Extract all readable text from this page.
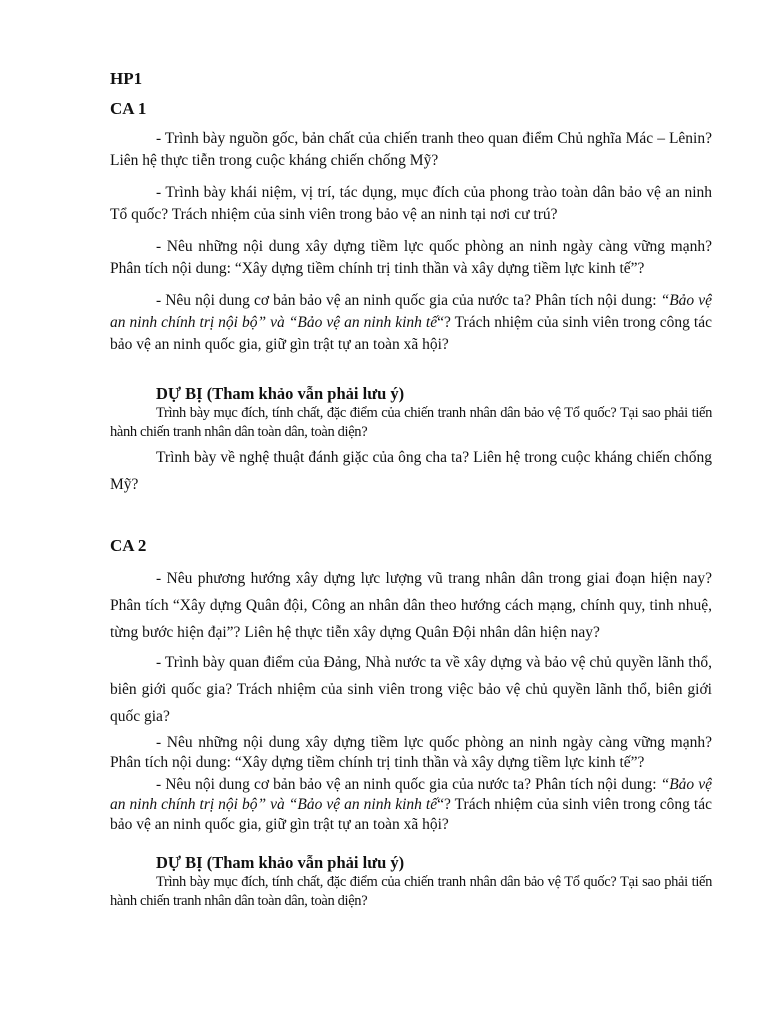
HP1
CA 1

- Trình bày nguồn gốc, bản chất của chiến tranh theo quan điểm Chủ nghĩa Mác – Lênin? Liên hệ thực tiễn trong cuộc kháng chiến chống Mỹ?

- Trình bày khái niệm, vị trí, tác dụng, mục đích của phong trào toàn dân bảo vệ an ninh Tổ quốc? Trách nhiệm của sinh viên trong bảo vệ an ninh tại nơi cư trú?

- Nêu những nội dung xây dựng tiềm lực quốc phòng an ninh ngày càng vững mạnh? Phân tích nội dung: “Xây dựng tiềm chính trị tinh thần và xây dựng tiềm lực kinh tế”?

- Nêu nội dung cơ bản bảo vệ an ninh quốc gia của nước ta? Phân tích nội dung: “Bảo vệ an ninh chính trị nội bộ” và “Bảo vệ an ninh kinh tế“? Trách nhiệm của sinh viên trong công tác bảo vệ an ninh quốc gia, giữ gìn trật tự an toàn xã hội?

DỰ BỊ (Tham khảo vẫn phải lưu ý)

Trình bày mục đích, tính chất, đặc điểm của chiến tranh nhân dân bảo vệ Tổ quốc? Tại sao phải tiến hành chiến tranh nhân dân toàn dân, toàn diện?

Trình bày về nghệ thuật đánh giặc của ông cha ta? Liên hệ trong cuộc kháng chiến chống Mỹ?

CA 2

- Nêu phương hướng xây dựng lực lượng vũ trang nhân dân trong giai đoạn hiện nay? Phân tích “Xây dựng Quân đội, Công an nhân dân theo hướng cách mạng, chính quy, tinh nhuệ, từng bước hiện đại”? Liên hệ thực tiễn xây dựng Quân Đội nhân dân hiện nay?

- Trình bày quan điểm của Đảng, Nhà nước ta về xây dựng và bảo vệ chủ quyền lãnh thổ, biên giới quốc gia? Trách nhiệm của sinh viên trong việc bảo vệ chủ quyền lãnh thổ, biên giới quốc gia?

- Nêu những nội dung xây dựng tiềm lực quốc phòng an ninh ngày càng vững mạnh? Phân tích nội dung: “Xây dựng tiềm chính trị tinh thần và xây dựng tiềm lực kinh tế”?

- Nêu nội dung cơ bản bảo vệ an ninh quốc gia của nước ta? Phân tích nội dung: “Bảo vệ an ninh chính trị nội bộ” và “Bảo vệ an ninh kinh tế“? Trách nhiệm của sinh viên trong công tác bảo vệ an ninh quốc gia, giữ gìn trật tự an toàn xã hội?

DỰ BỊ (Tham khảo vẫn phải lưu ý)

Trình bày mục đích, tính chất, đặc điểm của chiến tranh nhân dân bảo vệ Tổ quốc? Tại sao phải tiến hành chiến tranh nhân dân toàn dân, toàn diện?
